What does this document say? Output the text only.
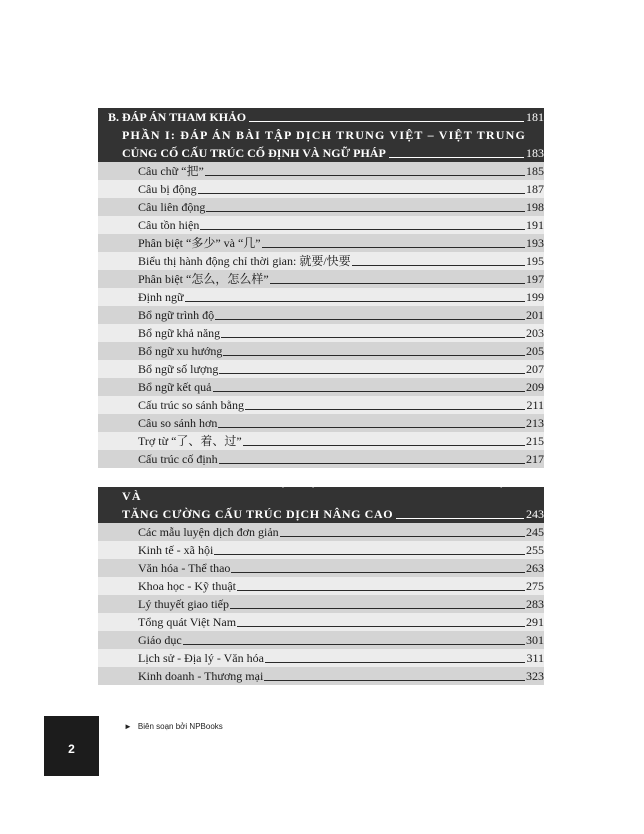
B. ĐÁP ÁN THAM KHẢO	181
PHẦN I: ĐÁP ÁN BÀI TẬP DỊCH TRUNG VIỆT – VIỆT TRUNG
CỦNG CỐ CẤU TRÚC CỐ ĐỊNH VÀ NGỮ PHÁP	183
Câu chữ “把”	185
Câu bị động	187
Câu liên động	198
Câu tồn hiện	191
Phân biệt “多少” và “几”	193
Biểu thị hành động chỉ thời gian: 就要/快要	195
Phân biệt “怎么，怎么样”	197
Định ngữ	199
Bổ ngữ trình độ	201
Bổ ngữ khả năng	203
Bổ ngữ xu hướng	205
Bổ ngữ số lượng	207
Bổ ngữ kết quả	209
Cấu trúc so sánh bằng	211
Câu so sánh hơn	213
Trợ từ “了、着、过”	215
Cấu trúc cố định	217
PHẦN II. ĐÁP ÁN BÀI TẬP DỊCH NÂNG CAO KỸ NĂNG DỊCH VÀ
TĂNG CƯỜNG CẤU TRÚC DỊCH NÂNG CAO	243
Các mẫu luyện dịch đơn giản	245
Kinh tế - xã hội	255
Văn hóa - Thể thao	263
Khoa học - Kỹ thuật	275
Lý thuyết giao tiếp	283
Tổng quát Việt Nam	291
Giáo dục	301
Lịch sử - Địa lý - Văn hóa	311
Kinh doanh - Thương mại	323
2
► Biên soạn bởi NPBooks
